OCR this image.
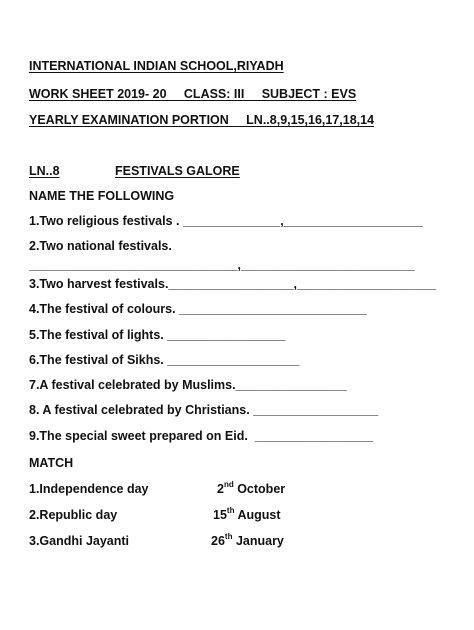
INTERNATIONAL INDIAN SCHOOL,RIYADH
WORK SHEET 2019- 20     CLASS: III     SUBJECT : EVS
YEARLY EXAMINATION PORTION     LN..8,9,15,16,17,18,14
LN..8	FESTIVALS GALORE
NAME THE FOLLOWING
1.Two religious festivals . ______________,____________________
2.Two national festivals.
______________________________,_________________________
3.Two harvest festivals.__________________,____________________
4.The festival of colours. ___________________________
5.The festival of lights. _________________
6.The festival of Sikhs. ___________________
7.A festival celebrated by Muslims.________________
8. A festival celebrated by Christians. __________________
9.The special sweet prepared on Eid.  _________________
MATCH
1.Independence day	2nd October
2.Republic day	15th August
3.Gandhi Jayanti	26th January
